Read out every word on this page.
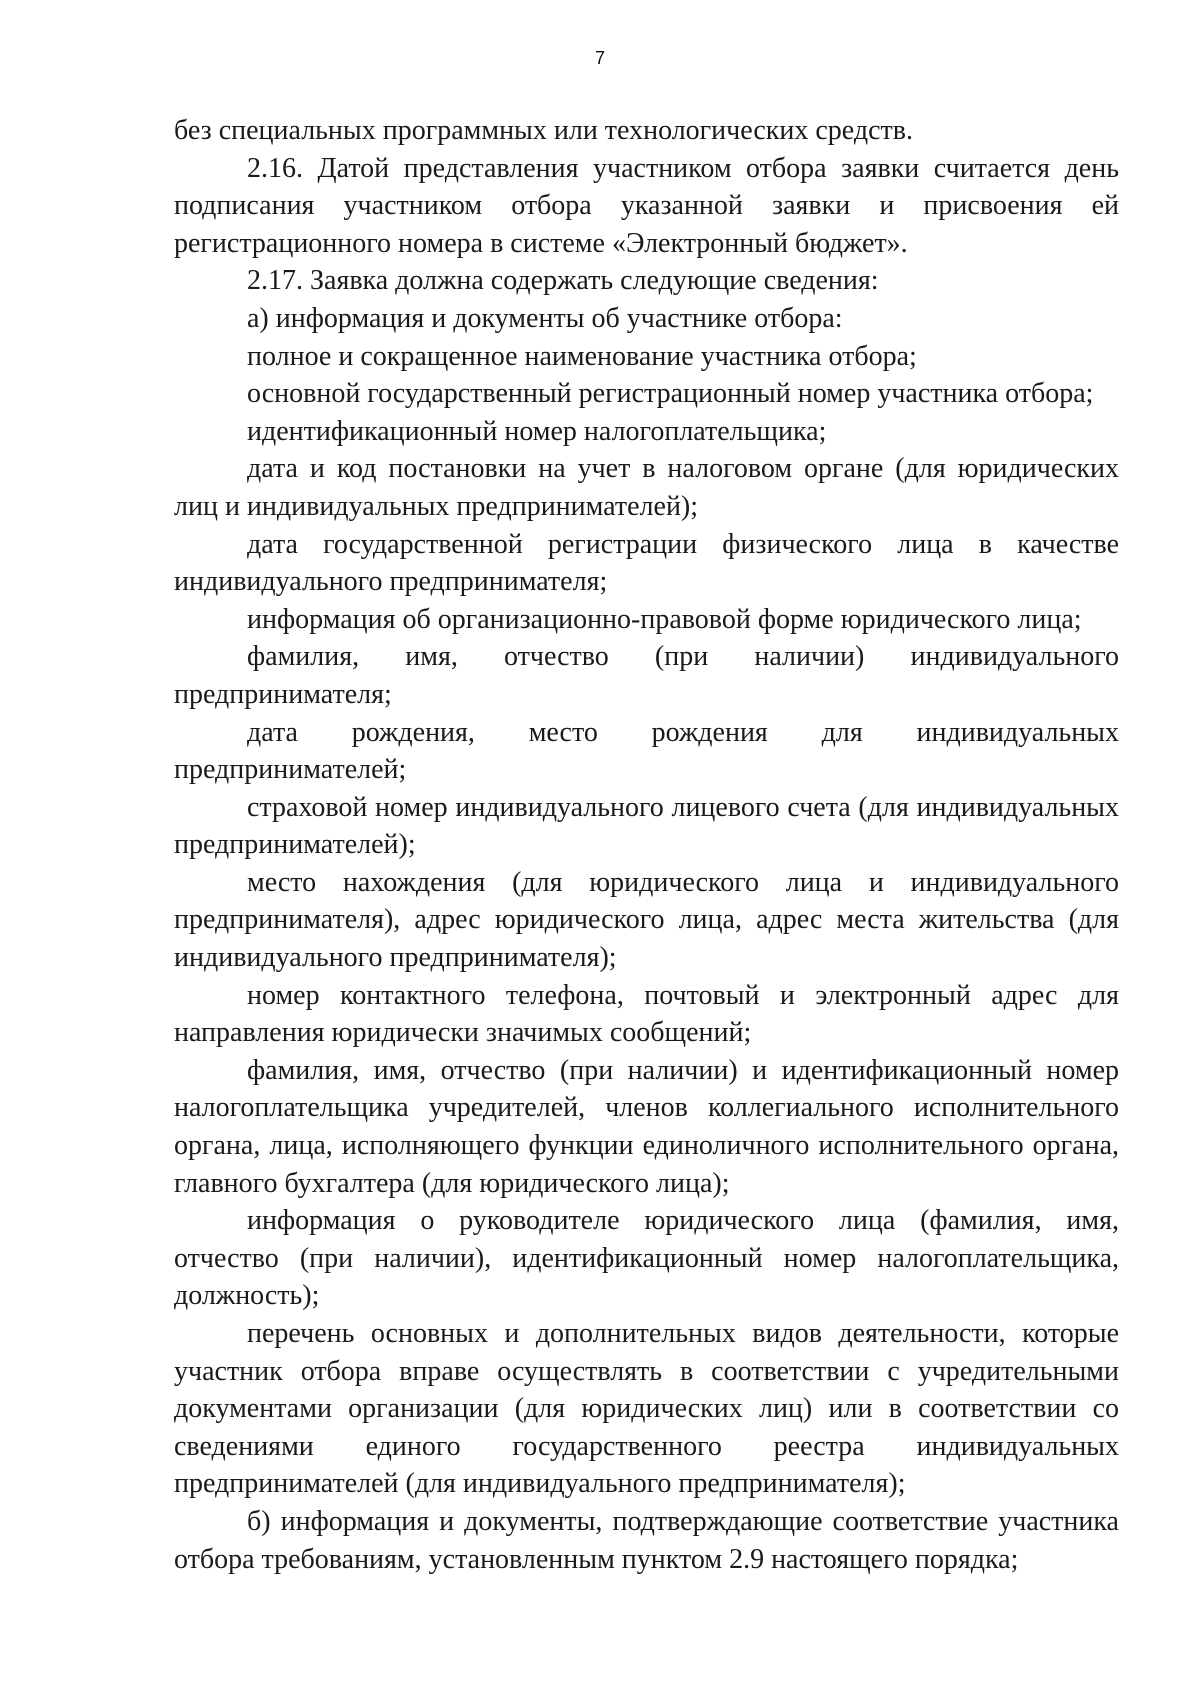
7

без специальных программных или технологических средств.

2.16. Датой представления участником отбора заявки считается день подписания участником отбора указанной заявки и присвоения ей регистрационного номера в системе «Электронный бюджет».

2.17. Заявка должна содержать следующие сведения:

а) информация и документы об участнике отбора:

полное и сокращенное наименование участника отбора;

основной государственный регистрационный номер участника отбора;

идентификационный номер налогоплательщика;

дата и код постановки на учет в налоговом органе (для юридических лиц и индивидуальных предпринимателей);

дата государственной регистрации физического лица в качестве индивидуального предпринимателя;

информация об организационно-правовой форме юридического лица;

фамилия, имя, отчество (при наличии) индивидуального предпринимателя;

дата рождения, место рождения для индивидуальных предпринимателей;

страховой номер индивидуального лицевого счета (для индивидуальных предпринимателей);

место нахождения (для юридического лица и индивидуального предпринимателя), адрес юридического лица, адрес места жительства (для индивидуального предпринимателя);

номер контактного телефона, почтовый и электронный адрес для направления юридически значимых сообщений;

фамилия, имя, отчество (при наличии) и идентификационный номер налогоплательщика учредителей, членов коллегиального исполнительного органа, лица, исполняющего функции единоличного исполнительного органа, главного бухгалтера (для юридического лица);

информация о руководителе юридического лица (фамилия, имя, отчество (при наличии), идентификационный номер налогоплательщика, должность);

перечень основных и дополнительных видов деятельности, которые участник отбора вправе осуществлять в соответствии с учредительными документами организации (для юридических лиц) или в соответствии со сведениями единого государственного реестра индивидуальных предпринимателей (для индивидуального предпринимателя);

б) информация и документы, подтверждающие соответствие участника отбора требованиям, установленным пунктом 2.9 настоящего порядка;
